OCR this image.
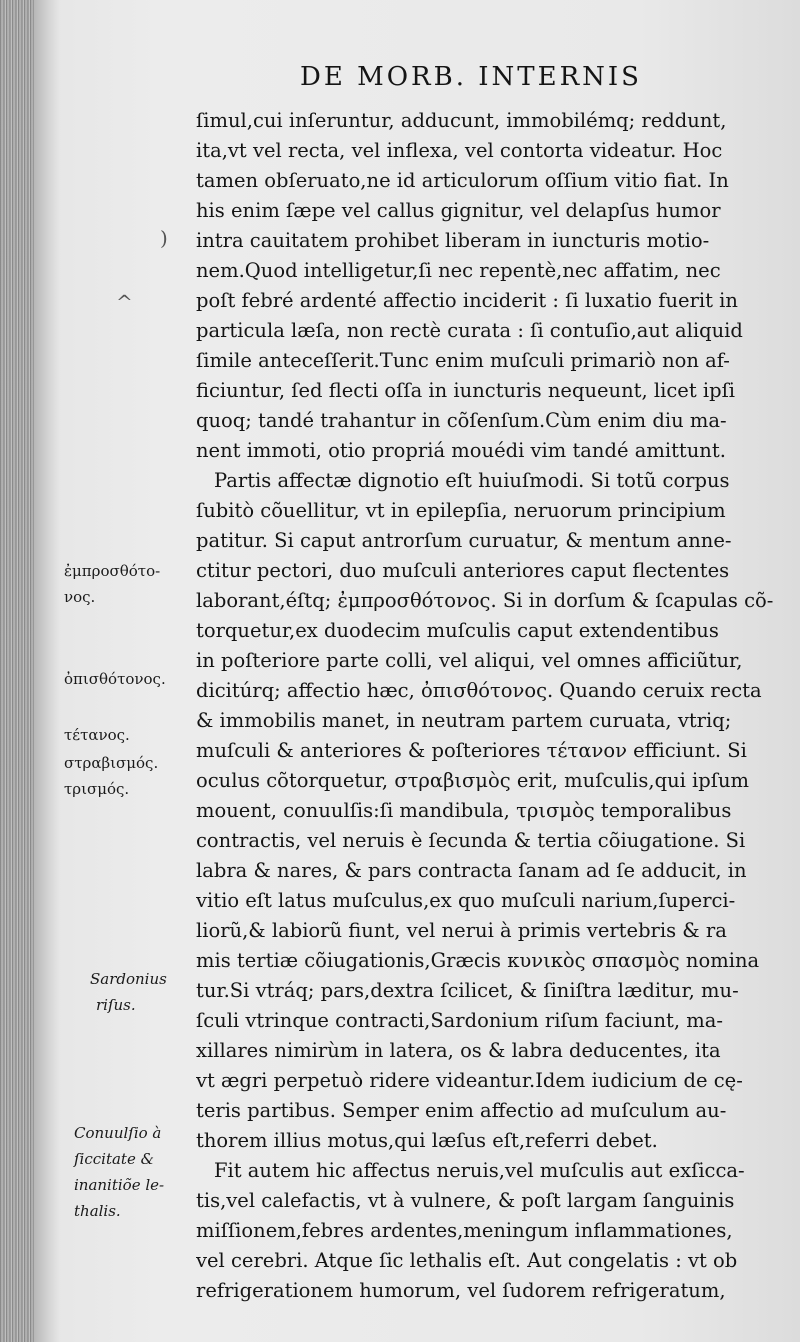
DE MORB. INTERNIS
ſimul,cui inſeruntur, adducunt, immobilémq; reddunt,
ita,vt vel recta, vel inflexa, vel contorta videatur. Hoc
tamen obſeruato,ne id articulorum oſſium vitio fiat. In
his enim ſæpe vel callus gignitur, vel delapſus humor
intra cauitatem prohibet liberam in iuncturis motio-
nem.Quod intelligetur,ſi nec repentè,nec affatim, nec
poſt febré ardenté affectio inciderit : ſi luxatio fuerit in
particula læſa, non rectè curata : ſi contuſio,aut aliquid
ſimile anteceſſerit.Tunc enim muſculi primariò non af-
ficiuntur, ſed flecti oſſa in iuncturis nequeunt, licet ipſi
quoq; tandé trahantur in cõſenſum.Cùm enim diu ma-
nent immoti, otio propriá mouédi vim tandé amittunt.
Partis affectæ dignotio eſt huiuſmodi. Si totũ corpus
ſubitò cõuellitur, vt in epilepſia, neruorum principium
patitur. Si caput antrorſum curuatur, & mentum anne-
ctitur pectori, duo muſculi anteriores caput flectentes
laborant,éſtq; ἐμπροσθότονος. Si in dorſum & ſcapulas cõ-
torquetur,ex duodecim muſculis caput extendentibus
in poſteriore parte colli, vel aliqui, vel omnes afficiũtur,
dicitúrq; affectio hæc, ὀπισθότονος. Quando ceruix recta
& immobilis manet, in neutram partem curuata, vtriq;
muſculi & anteriores & poſteriores τέτανον efficiunt. Si
oculus cõtorquetur, στραβισμὸς erit, muſculis,qui ipſum
mouent, conuulſis:ſi mandibula, τρισμὸς temporalibus
contractis, vel neruis è ſecunda & tertia cõiugatione. Si
labra & nares, & pars contracta ſanam ad ſe adducit, in
vitio eſt latus muſculus,ex quo muſculi narium,ſuperci-
liorũ,& labiorũ fiunt, vel nerui à primis vertebris & ra
mis tertiæ cõiugationis,Græcis κυνικὸς σπασμὸς nomina
tur.Si vtráq; pars,dextra ſcilicet, & ſiniſtra læditur, mu-
ſculi vtrinque contracti,Sardonium riſum faciunt, ma-
xillares nimirùm in latera, os & labra deducentes, ita
vt ægri perpetuò ridere videantur.Idem iudicium de cę-
teris partibus. Semper enim affectio ad muſculum au-
thorem illius motus,qui læſus eſt,referri debet.
Fit autem hic affectus neruis,vel muſculis aut exſicca-
tis,vel calefactis, vt à vulnere, & poſt largam ſanguinis
miſſionem,febres ardentes,meningum inflammationes,
vel cerebri. Atque ſic lethalis eſt. Aut congelatis : vt ob
refrigerationem humorum, vel ſudorem refrigeratum,
)
^
ἐμπροσθότο-
νος.
ὀπισθότονος.
τέτανος.
στραβισμός.
τρισμός.
Sardonius
riſus.
Conuulſio à
ſiccitate &
inanitiõe le-
thalis.
